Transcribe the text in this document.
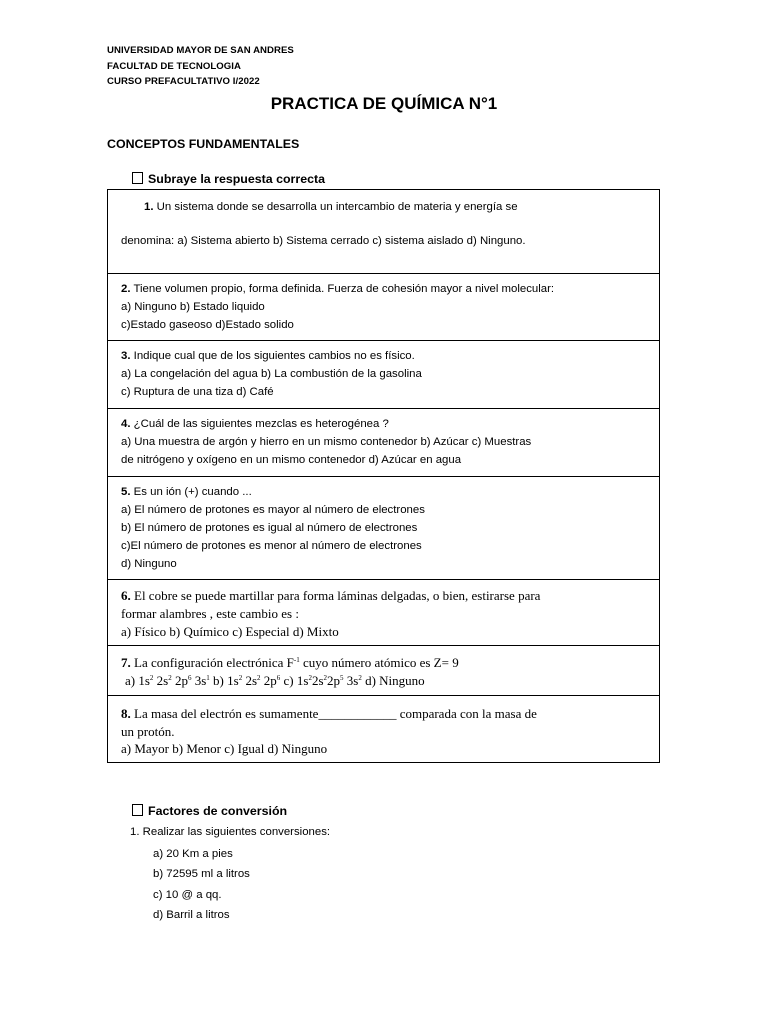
UNIVERSIDAD MAYOR DE SAN ANDRES
FACULTAD DE TECNOLOGIA
CURSO PREFACULTATIVO I/2022
PRACTICA DE QUÍMICA N°1
CONCEPTOS FUNDAMENTALES
Subraye la respuesta correcta
1. Un sistema donde se desarrolla un intercambio de materia y energía se
denomina: a) Sistema abierto b) Sistema cerrado c) sistema aislado d) Ninguno.
2. Tiene volumen propio, forma definida. Fuerza de cohesión mayor a nivel molecular:
a) Ninguno b) Estado liquido
c)Estado gaseoso d)Estado solido
3. Indique cual que de los siguientes cambios no es físico.
a) La congelación del agua b) La combustión de la gasolina
c) Ruptura de una tiza d) Café
4. ¿Cuál de las siguientes mezclas es heterogénea ?
a) Una muestra de argón y hierro en un mismo contenedor b) Azúcar c) Muestras
de nitrógeno y oxígeno en un mismo contenedor d) Azúcar en agua
5. Es un ión (+) cuando ...
a) El número de protones es mayor al número de electrones
b) El número de protones es igual al número de electrones
c)El número de protones es menor al número de electrones
d) Ninguno
6. El cobre se puede martillar para forma láminas delgadas, o bien, estirarse para
formar alambres , este cambio es :
a) Físico b) Químico c) Especial d) Mixto
7. La configuración electrónica $F^{-1}$ cuyo número atómico es Z= 9
a) $1s^2$ $2s^2$ $2p^6$ $3s^1$ b) $1s^2$ $2s^2$ $2p^6$ c) $1s^22s^22p^5$ $3s^2$ d) Ninguno
8. La masa del electrón es sumamente____________ comparada con la masa de
un protón.
a) Mayor b) Menor c) Igual d) Ninguno
Factores de conversión
1. Realizar las siguientes conversiones:
a) 20 Km a pies
b) 72595 ml a litros
c) 10 @ a qq.
d) Barril a litros
